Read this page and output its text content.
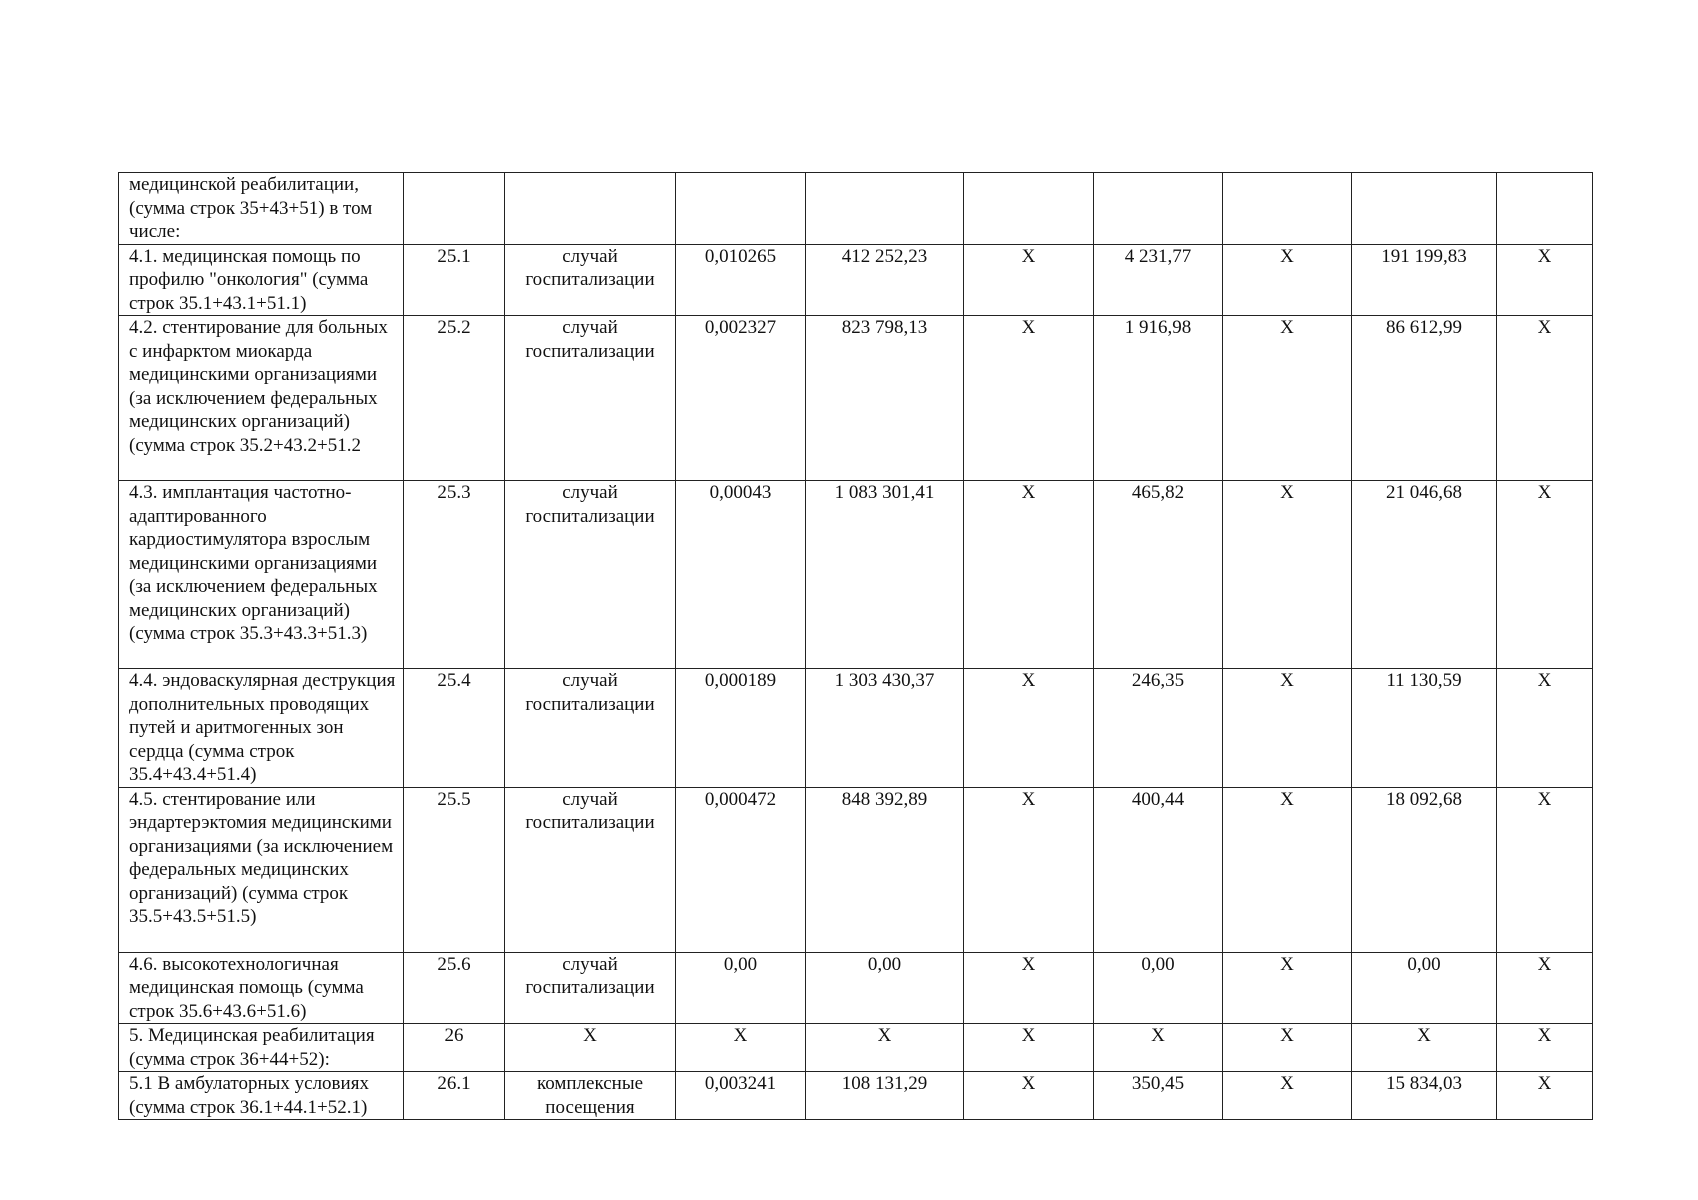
медицинской реабилитации, (сумма строк 35+43+51) в том числе:									
4.1. медицинская помощь по профилю "онкология" (сумма строк 35.1+43.1+51.1)	25.1	случай госпитализации	0,010265	412 252,23	X	4 231,77	X	191 199,83	X
4.2. стентирование для больных с инфарктом миокарда медицинскими организациями (за исключением федеральных медицинских организаций) (сумма строк 35.2+43.2+51.2	25.2	случай госпитализации	0,002327	823 798,13	X	1 916,98	X	86 612,99	X
4.3. имплантация частотно-адаптированного кардиостимулятора взрослым медицинскими организациями (за исключением федеральных медицинских организаций) (сумма строк 35.3+43.3+51.3)	25.3	случай госпитализации	0,00043	1 083 301,41	X	465,82	X	21 046,68	X
4.4. эндоваскулярная деструкция дополнительных проводящих путей и аритмогенных зон сердца (сумма строк 35.4+43.4+51.4)	25.4	случай госпитализации	0,000189	1 303 430,37	X	246,35	X	11 130,59	X
4.5. стентирование или эндартерэктомия медицинскими организациями (за исключением федеральных медицинских организаций) (сумма строк 35.5+43.5+51.5)	25.5	случай госпитализации	0,000472	848 392,89	X	400,44	X	18 092,68	X
4.6. высокотехнологичная медицинская помощь (сумма строк 35.6+43.6+51.6)	25.6	случай госпитализации	0,00	0,00	X	0,00	X	0,00	X
5. Медицинская реабилитация (сумма строк 36+44+52):	26	X	X	X	X	X	X	X	X
5.1 В амбулаторных условиях (сумма строк 36.1+44.1+52.1)	26.1	комплексные посещения	0,003241	108 131,29	X	350,45	X	15 834,03	X
